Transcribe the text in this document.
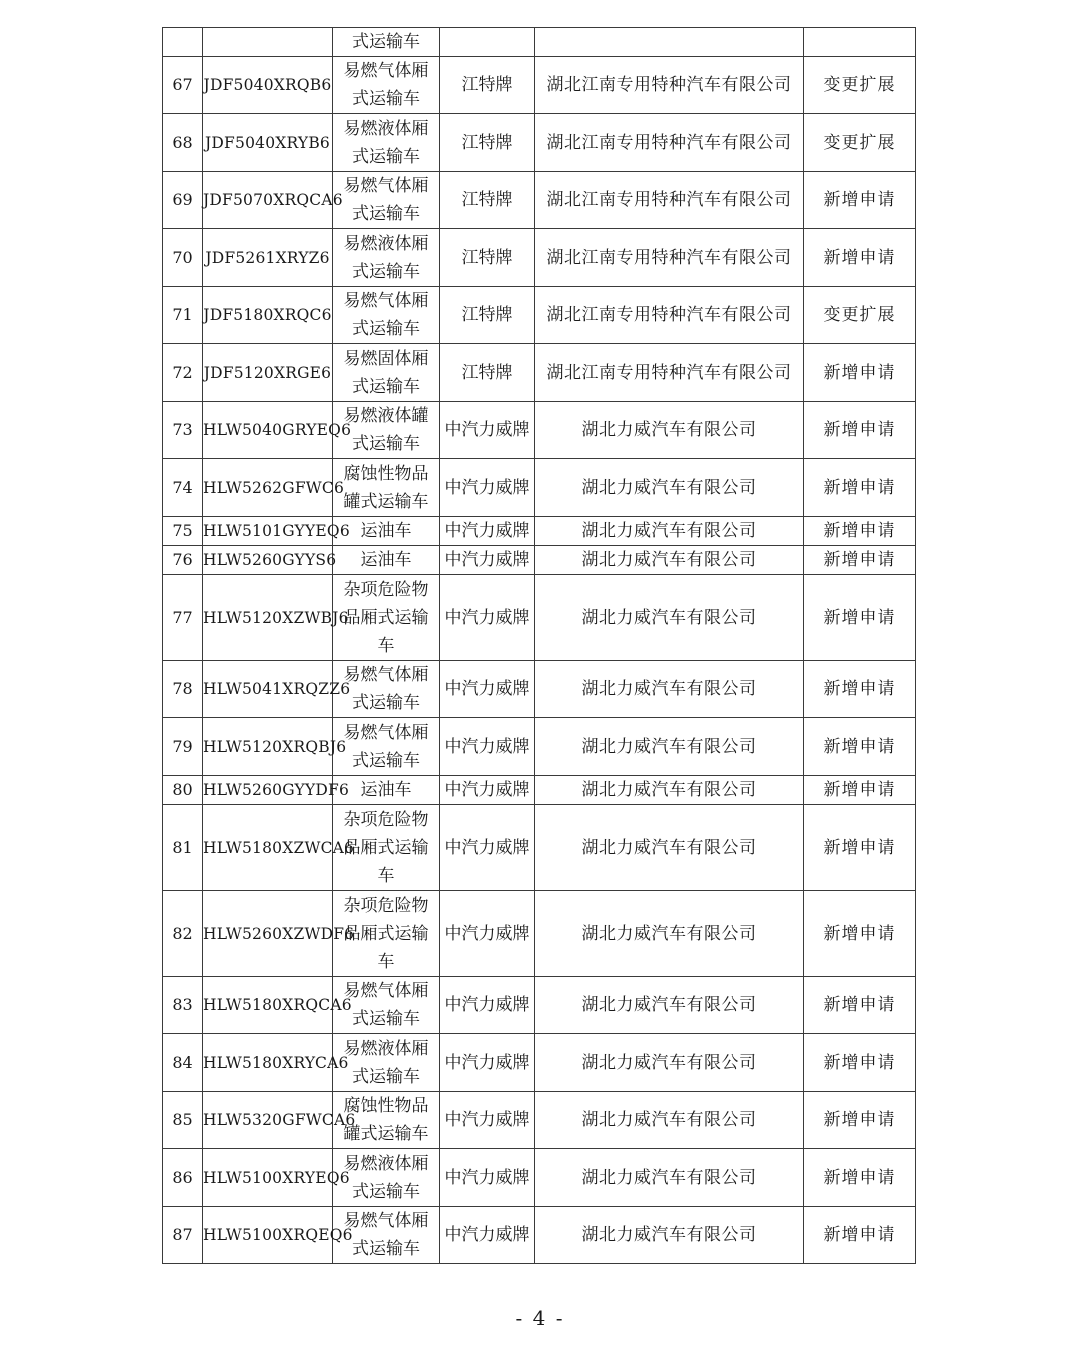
		式运输车			
67	JDF5040XRQB6	易燃气体厢
式运输车	江特牌	湖北江南专用特种汽车有限公司	变更扩展
68	JDF5040XRYB6	易燃液体厢
式运输车	江特牌	湖北江南专用特种汽车有限公司	变更扩展
69	JDF5070XRQCA6	易燃气体厢
式运输车	江特牌	湖北江南专用特种汽车有限公司	新增申请
70	JDF5261XRYZ6	易燃液体厢
式运输车	江特牌	湖北江南专用特种汽车有限公司	新增申请
71	JDF5180XRQC6	易燃气体厢
式运输车	江特牌	湖北江南专用特种汽车有限公司	变更扩展
72	JDF5120XRGE6	易燃固体厢
式运输车	江特牌	湖北江南专用特种汽车有限公司	新增申请
73	HLW5040GRYEQ6	易燃液体罐
式运输车	中汽力威牌	湖北力威汽车有限公司	新增申请
74	HLW5262GFWC6	腐蚀性物品
罐式运输车	中汽力威牌	湖北力威汽车有限公司	新增申请
75	HLW5101GYYEQ6	运油车	中汽力威牌	湖北力威汽车有限公司	新增申请
76	HLW5260GYYS6	运油车	中汽力威牌	湖北力威汽车有限公司	新增申请
77	HLW5120XZWBJ6	杂项危险物
品厢式运输
车	中汽力威牌	湖北力威汽车有限公司	新增申请
78	HLW5041XRQZZ6	易燃气体厢
式运输车	中汽力威牌	湖北力威汽车有限公司	新增申请
79	HLW5120XRQBJ6	易燃气体厢
式运输车	中汽力威牌	湖北力威汽车有限公司	新增申请
80	HLW5260GYYDF6	运油车	中汽力威牌	湖北力威汽车有限公司	新增申请
81	HLW5180XZWCA6	杂项危险物
品厢式运输
车	中汽力威牌	湖北力威汽车有限公司	新增申请
82	HLW5260XZWDF6	杂项危险物
品厢式运输
车	中汽力威牌	湖北力威汽车有限公司	新增申请
83	HLW5180XRQCA6	易燃气体厢
式运输车	中汽力威牌	湖北力威汽车有限公司	新增申请
84	HLW5180XRYCA6	易燃液体厢
式运输车	中汽力威牌	湖北力威汽车有限公司	新增申请
85	HLW5320GFWCA6	腐蚀性物品
罐式运输车	中汽力威牌	湖北力威汽车有限公司	新增申请
86	HLW5100XRYEQ6	易燃液体厢
式运输车	中汽力威牌	湖北力威汽车有限公司	新增申请
87	HLW5100XRQEQ6	易燃气体厢
式运输车	中汽力威牌	湖北力威汽车有限公司	新增申请
- 4 -
